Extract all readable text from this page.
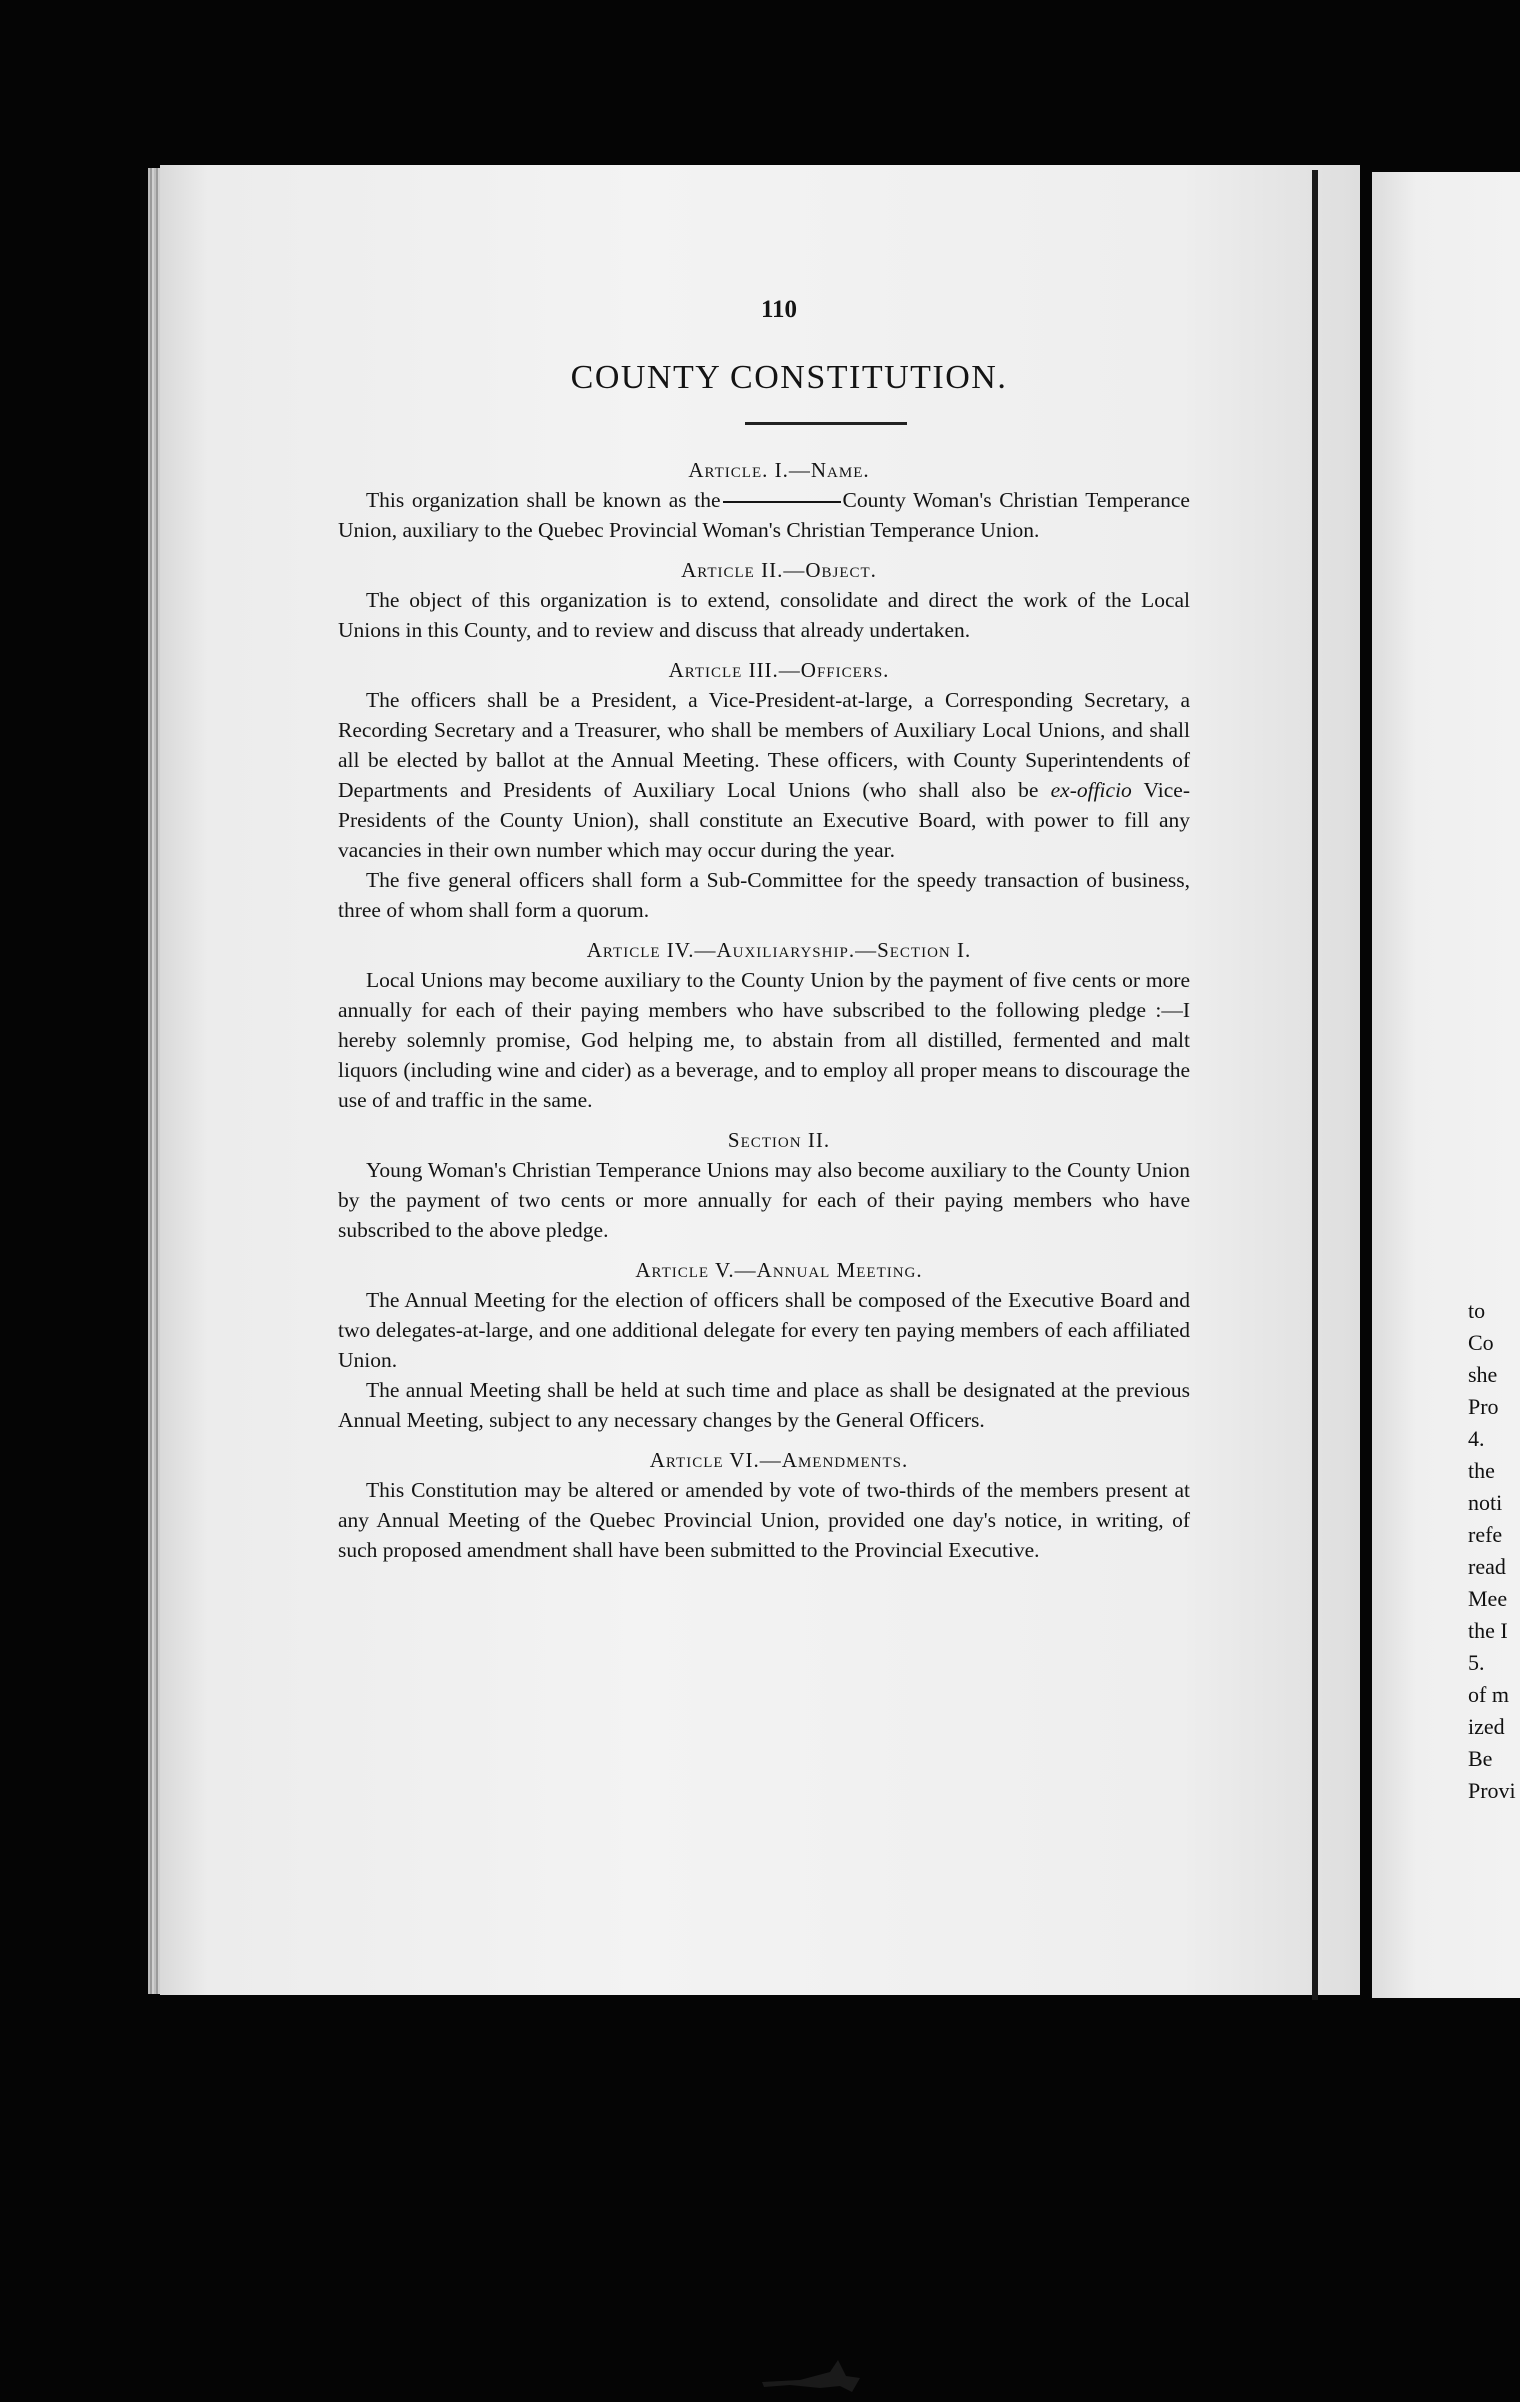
to
Co
she
Pro
4.
the
noti
refe
read
Mee
the I
5.
of m
ized
Be
Provi
110
COUNTY CONSTITUTION.
Article. I.—Name.

This organization shall be known as the	County Woman's Christian Temperance Union, auxiliary to the Quebec Provincial Woman's Christian Temperance Union.

Article II.—Object.

The object of this organization is to extend, consolidate and direct the work of the Local Unions in this County, and to review and discuss that already undertaken.

Article III.—Officers.

The officers shall be a President, a Vice-President-at-large, a Corresponding Secretary, a Recording Secretary and a Treasurer, who shall be members of Auxiliary Local Unions, and shall all be elected by ballot at the Annual Meeting. These officers, with County Superintendents of Departments and Presidents of Auxiliary Local Unions (who shall also be ex-officio Vice-Presidents of the County Union), shall constitute an Executive Board, with power to fill any vacancies in their own number which may occur during the year.

The five general officers shall form a Sub-Committee for the speedy transaction of business, three of whom shall form a quorum.

Article IV.—Auxiliaryship.—Section I.

Local Unions may become auxiliary to the County Union by the payment of five cents or more annually for each of their paying members who have subscribed to the following pledge :—I hereby solemnly promise, God helping me, to abstain from all distilled, fermented and malt liquors (including wine and cider) as a beverage, and to employ all proper means to discourage the use of and traffic in the same.

Section II.

Young Woman's Christian Temperance Unions may also become auxiliary to the County Union by the payment of two cents or more annually for each of their paying members who have subscribed to the above pledge.

Article V.—Annual Meeting.

The Annual Meeting for the election of officers shall be composed of the Executive Board and two delegates-at-large, and one additional delegate for every ten paying members of each affiliated Union.

The annual Meeting shall be held at such time and place as shall be designated at the previous Annual Meeting, subject to any necessary changes by the General Officers.

Article VI.—Amendments.

This Constitution may be altered or amended by vote of two-thirds of the members present at any Annual Meeting of the Quebec Provincial Union, provided one day's notice, in writing, of such proposed amendment shall have been submitted to the Provincial Executive.
